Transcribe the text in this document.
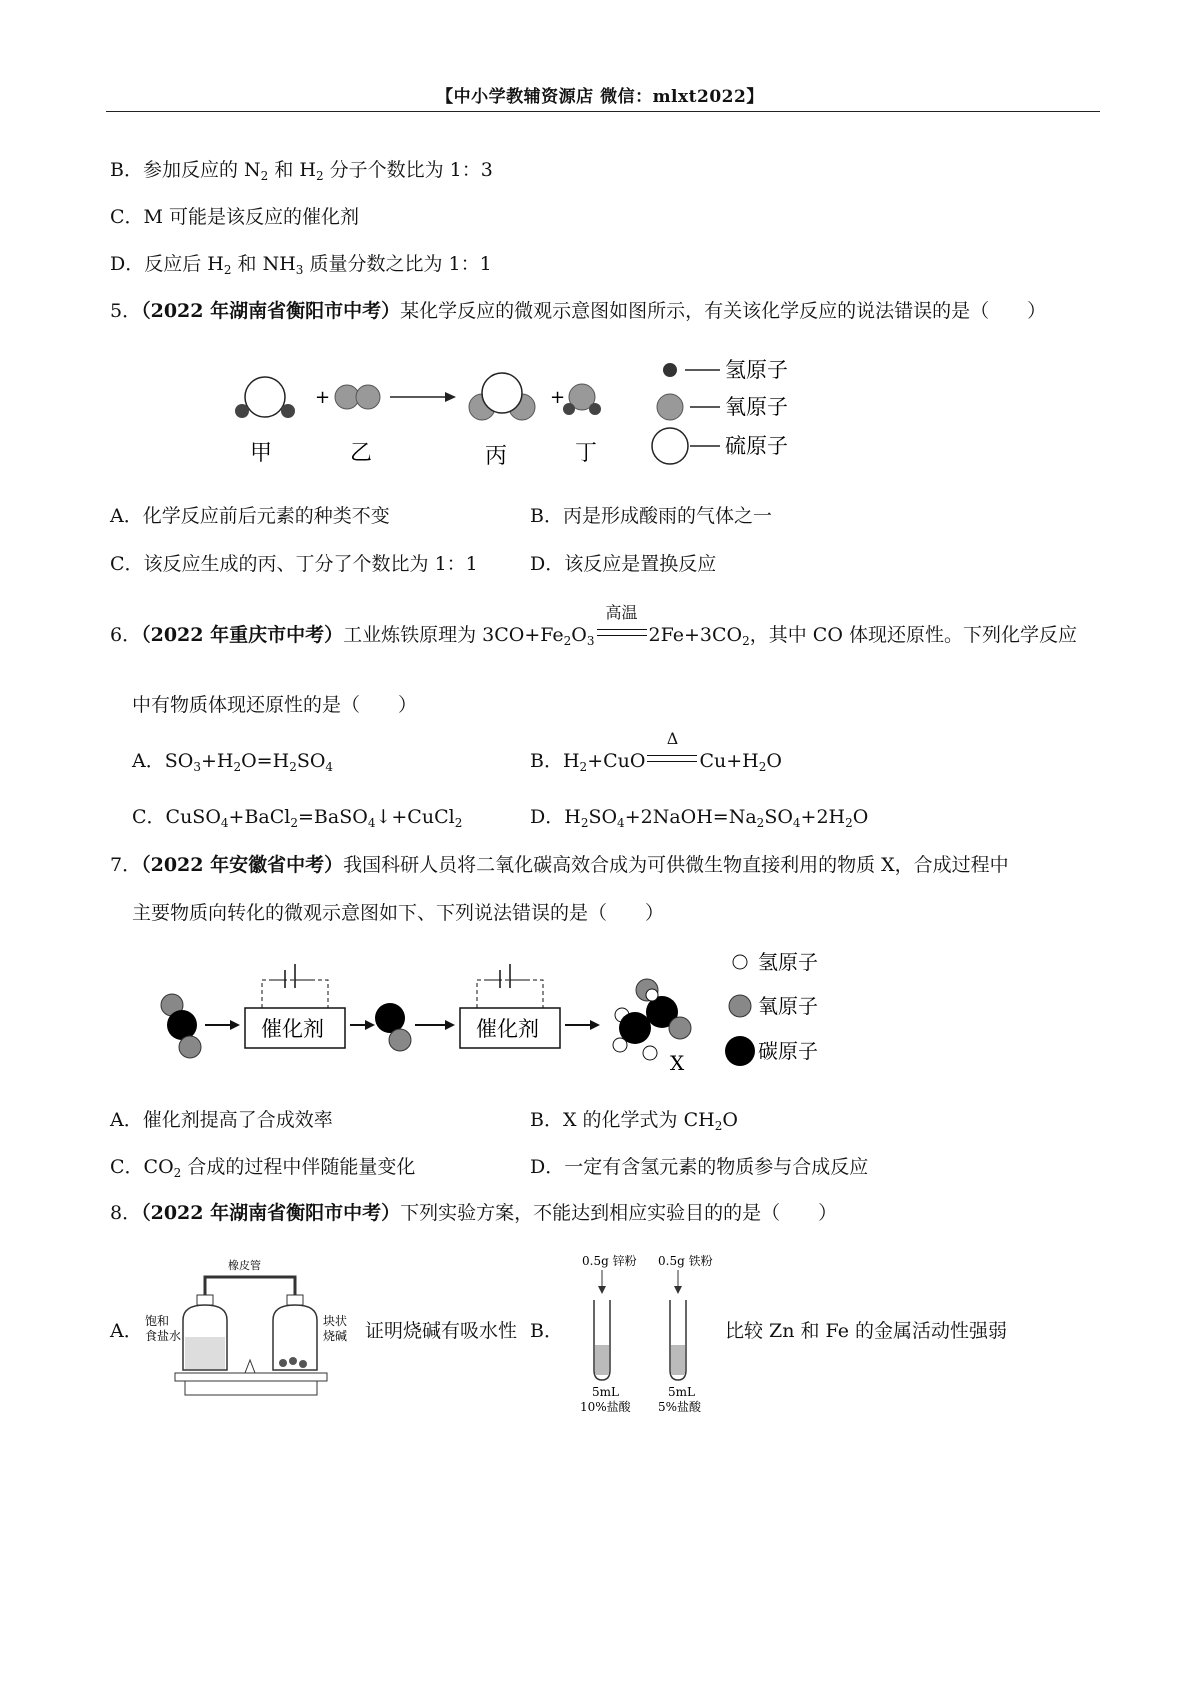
【中小学教辅资源店 微信：mlxt2022】
B．参加反应的 $N_2$ 和 $H_2$ 分子个数比为 1：3
C．M 可能是该反应的催化剂
D．反应后 $H_2$ 和 $NH_3$ 质量分数之比为 1：1
5．（2022 年湖南省衡阳市中考）某化学反应的微观示意图如图所示，有关该化学反应的说法错误的是（　　）
+	+
甲	乙	丙	丁
氢原子
氧原子
硫原子
A．化学反应前后元素的种类不变	B．丙是形成酸雨的气体之一
C．该反应生成的丙、丁分了个数比为 1：1	D．该反应是置换反应
6．（2022 年重庆市中考）工业炼铁原理为 $3CO+Fe_2O_3$
高温
$2Fe+3CO_2$，其中 CO 体现还原性。下列化学反应
中有物质体现还原性的是（　　）
A．$SO_3+H_2O=H_2SO_4$	B．$H_2+CuO$
Δ
$Cu+H_2O$
C．CuSO$_4$+BaCl$_2$=BaSO$_4$↓+CuCl$_2$	D．$H_2SO_4+2NaOH=Na_2SO_4+2H_2O$
7．（2022 年安徽省中考）我国科研人员将二氧化碳高效合成为可供微生物直接利用的物质 X，合成过程中
主要物质向转化的微观示意图如下、下列说法错误的是（　　）
催化剂	催化剂
X
氢原子
氧原子
碳原子
A．催化剂提高了合成效率	B．X 的化学式为 $CH_2O$
C．$CO_2$ 合成的过程中伴随能量变化	D．一定有含氢元素的物质参与合成反应
8．（2022 年湖南省衡阳市中考）下列实验方案，不能达到相应实验目的的是（　　）
A．
橡皮管
饱和
食盐水
块状
烧碱 证明烧碱有吸水性 B．
0.5g 锌粉 0.5g 铁粉
5mL
10%盐酸
5mL
5%盐酸
比较 Zn 和 Fe 的金属活动性强弱
